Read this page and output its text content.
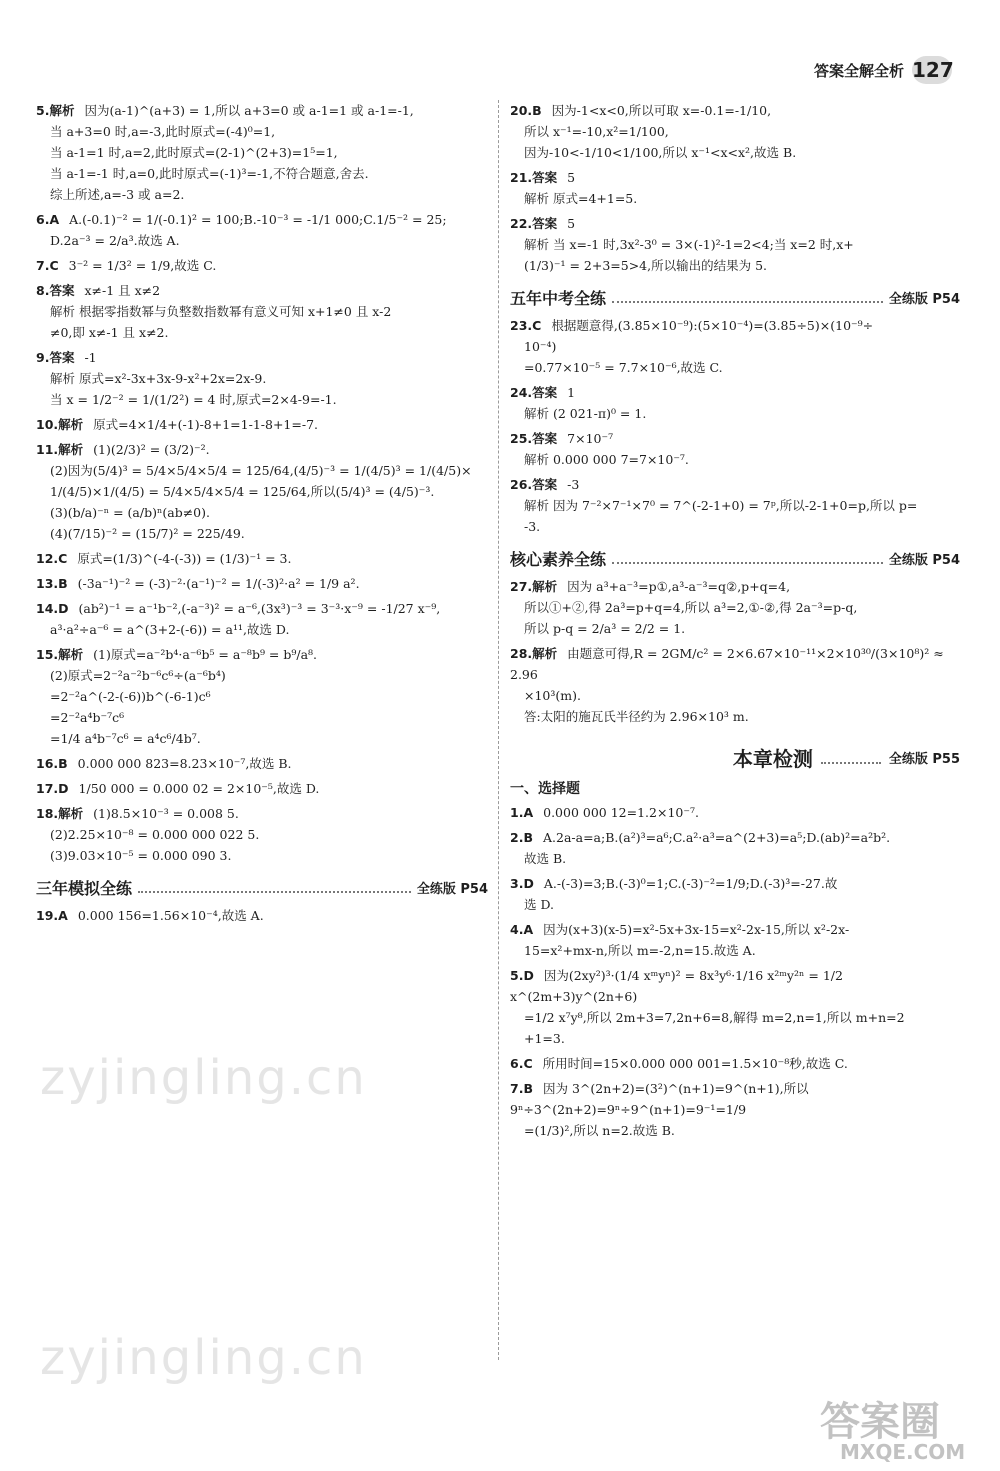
答案全解全析 127
5.解析 因为(a-1)^(a+3) = 1,所以 a+3=0 或 a-1=1 或 a-1=-1,
当 a+3=0 时,a=-3,此时原式=(-4)⁰=1,
当 a-1=1 时,a=2,此时原式=(2-1)^(2+3)=1⁵=1,
当 a-1=-1 时,a=0,此时原式=(-1)³=-1,不符合题意,舍去.
综上所述,a=-3 或 a=2.
6.A A.(-0.1)⁻² = 1/(-0.1)² = 100;B.-10⁻³ = -1/1 000;C.1/5⁻² = 25;
D.2a⁻³ = 2/a³.故选 A.
7.C 3⁻² = 1/3² = 1/9,故选 C.
8.答案 x≠-1 且 x≠2
解析 根据零指数幂与负整数指数幂有意义可知 x+1≠0 且 x-2
≠0,即 x≠-1 且 x≠2.
9.答案 -1
解析 原式=x²-3x+3x-9-x²+2x=2x-9.
当 x = 1/2⁻² = 1/(1/2²) = 4 时,原式=2×4-9=-1.
10.解析 原式=4×1/4+(-1)-8+1=1-1-8+1=-7.
11.解析 (1)(2/3)² = (3/2)⁻².
(2)因为(5/4)³ = 5/4×5/4×5/4 = 125/64,(4/5)⁻³ = 1/(4/5)³ = 1/(4/5)×
1/(4/5)×1/(4/5) = 5/4×5/4×5/4 = 125/64,所以(5/4)³ = (4/5)⁻³.
(3)(b/a)⁻ⁿ = (a/b)ⁿ(ab≠0).
(4)(7/15)⁻² = (15/7)² = 225/49.
12.C 原式=(1/3)^(-4-(-3)) = (1/3)⁻¹ = 3.
13.B (-3a⁻¹)⁻² = (-3)⁻²·(a⁻¹)⁻² = 1/(-3)²·a² = 1/9 a².
14.D (ab²)⁻¹ = a⁻¹b⁻²,(-a⁻³)² = a⁻⁶,(3x³)⁻³ = 3⁻³·x⁻⁹ = -1/27 x⁻⁹,
a³·a²÷a⁻⁶ = a^(3+2-(-6)) = a¹¹,故选 D.
15.解析 (1)原式=a⁻²b⁴·a⁻⁶b⁵ = a⁻⁸b⁹ = b⁹/a⁸.
(2)原式=2⁻²a⁻²b⁻⁶c⁶÷(a⁻⁶b⁴)
=2⁻²a^(-2-(-6))b^(-6-1)c⁶
=2⁻²a⁴b⁻⁷c⁶
=1/4 a⁴b⁻⁷c⁶ = a⁴c⁶/4b⁷.
16.B 0.000 000 823=8.23×10⁻⁷,故选 B.
17.D 1/50 000 = 0.000 02 = 2×10⁻⁵,故选 D.
18.解析 (1)8.5×10⁻³ = 0.008 5.
(2)2.25×10⁻⁸ = 0.000 000 022 5.
(3)9.03×10⁻⁵ = 0.000 090 3.
三年模拟全练	全练版 P54
19.A 0.000 156=1.56×10⁻⁴,故选 A.
20.B 因为-1<x<0,所以可取 x=-0.1=-1/10,
所以 x⁻¹=-10,x²=1/100,
因为-10<-1/10<1/100,所以 x⁻¹<x<x²,故选 B.
21.答案 5
解析 原式=4+1=5.
22.答案 5
解析 当 x=-1 时,3x²-3⁰ = 3×(-1)²-1=2<4;当 x=2 时,x+
(1/3)⁻¹ = 2+3=5>4,所以输出的结果为 5.
五年中考全练	全练版 P54
23.C 根据题意得,(3.85×10⁻⁹):(5×10⁻⁴)=(3.85÷5)×(10⁻⁹÷
10⁻⁴)
=0.77×10⁻⁵ = 7.7×10⁻⁶,故选 C.
24.答案 1
解析 (2 021-π)⁰ = 1.
25.答案 7×10⁻⁷
解析 0.000 000 7=7×10⁻⁷.
26.答案 -3
解析 因为 7⁻²×7⁻¹×7⁰ = 7^(-2-1+0) = 7ᵖ,所以-2-1+0=p,所以 p=
-3.
核心素养全练	全练版 P54
27.解析 因为 a³+a⁻³=p①,a³-a⁻³=q②,p+q=4,
所以①+②,得 2a³=p+q=4,所以 a³=2,①-②,得 2a⁻³=p-q,
所以 p-q = 2/a³ = 2/2 = 1.
28.解析 由题意可得,R = 2GM/c² = 2×6.67×10⁻¹¹×2×10³⁰/(3×10⁸)² ≈ 2.96
×10³(m).
答:太阳的施瓦氏半径约为 2.96×10³ m.
本章检测	全练版 P55
一、选择题
1.A 0.000 000 12=1.2×10⁻⁷.
2.B A.2a-a=a;B.(a²)³=a⁶;C.a²·a³=a^(2+3)=a⁵;D.(ab)²=a²b².
故选 B.
3.D A.-(-3)=3;B.(-3)⁰=1;C.(-3)⁻²=1/9;D.(-3)³=-27.故
选 D.
4.A 因为(x+3)(x-5)=x²-5x+3x-15=x²-2x-15,所以 x²-2x-
15=x²+mx-n,所以 m=-2,n=15.故选 A.
5.D 因为(2xy²)³·(1/4 xᵐyⁿ)² = 8x³y⁶·1/16 x²ᵐy²ⁿ = 1/2 x^(2m+3)y^(2n+6)
=1/2 x⁷y⁸,所以 2m+3=7,2n+6=8,解得 m=2,n=1,所以 m+n=2
+1=3.
6.C 所用时间=15×0.000 000 001=1.5×10⁻⁸秒,故选 C.
7.B 因为 3^(2n+2)=(3²)^(n+1)=9^(n+1),所以 9ⁿ÷3^(2n+2)=9ⁿ÷9^(n+1)=9⁻¹=1/9
=(1/3)²,所以 n=2.故选 B.
zyjingling.cn
zyjingling.cn
答案圈
MXQE.COM
